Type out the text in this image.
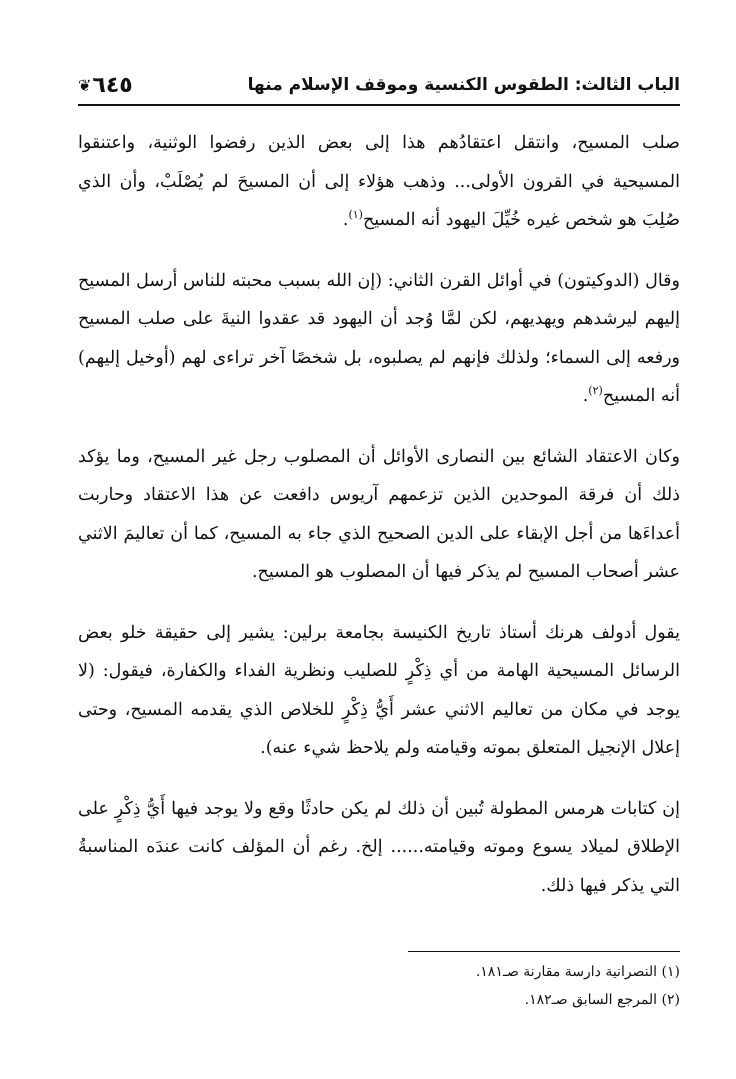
الباب الثالث: الطقوس الكنسية وموقف الإسلام منها
❦ ٦٤٥

صلب المسيح، وانتقل اعتقادُهم هذا إلى بعض الذين رفضوا الوثنية، واعتنقوا المسيحية في القرون الأولى... وذهب هؤلاء إلى أن المسيحَ لم يُصْلَبْ، وأن الذي صُلِبَ هو شخص غيره خُيِّلَ اليهود أنه المسيح$^{(١)}$.

وقال (الدوكيتون) في أوائل القرن الثاني: (إن الله بسبب محبته للناس أرسل المسيح إليهم ليرشدهم ويهديهم، لكن لمَّا وُجد أن اليهود قد عقدوا النيةَ على صلب المسيح ورفعه إلى السماء؛ ولذلك فإنهم لم يصلبوه، بل شخصًا آخر تراءى لهم (أوخيل إليهم) أنه المسيح$^{(٢)}$.

وكان الاعتقاد الشائع بين النصارى الأوائل أن المصلوب رجل غير المسيح، وما يؤكد ذلك أن فرقة الموحدين الذين تزعمهم آريوس دافعت عن هذا الاعتقاد وحاربت أعداءَها من أجل الإبقاء على الدين الصحيح الذي جاء به المسيح، كما أن تعاليمَ الاثني عشر أصحاب المسيح لم يذكر فيها أن المصلوب هو المسيح.

يقول أدولف هرنك أستاذ تاريخ الكنيسة بجامعة برلين: يشير إلى حقيقة خلو بعض الرسائل المسيحية الهامة من أي ذِكْرٍ للصليب ونظرية الفداء والكفارة، فيقول: (لا يوجد في مكان من تعاليم الاثني عشر أَيُّ ذِكْرٍ للخلاص الذي يقدمه المسيح، وحتى إعلال الإنجيل المتعلق بموته وقيامته ولم يلاحظ شيء عنه).

إن كتابات هرمس المطولة تُبين أن ذلك لم يكن حادثًا وقع ولا يوجد فيها أَيُّ ذِكْرٍ على الإطلاق لميلاد يسوع وموته وقيامته...... إلخ. رغم أن المؤلف كانت عندَه المناسبةُ التي يذكر فيها ذلك.

(١) النصرانية دارسة مقارنة صـ١٨١.

(٢) المرجع السابق صـ١٨٢.
